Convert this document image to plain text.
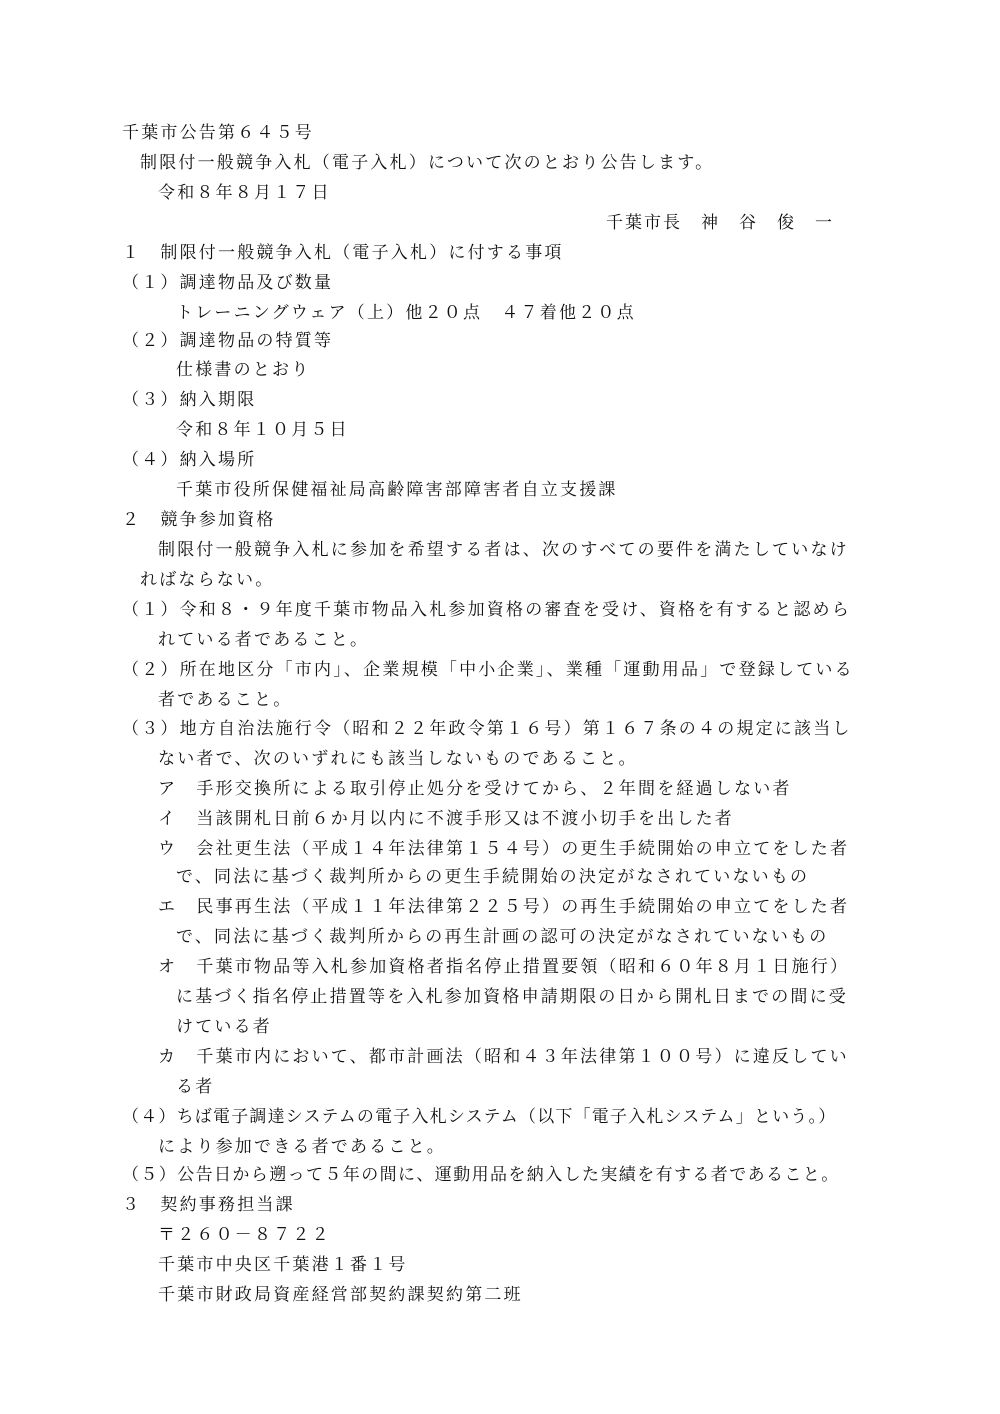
千葉市公告第６４５号
制限付一般競争入札（電子入札）について次のとおり公告します。
令和８年８月１７日
千葉市長　神　谷　俊　一
１　制限付一般競争入札（電子入札）に付する事項
（１）調達物品及び数量
トレーニングウェア（上）他２０点　４７着他２０点
（２）調達物品の特質等
仕様書のとおり
（３）納入期限
令和８年１０月５日
（４）納入場所
千葉市役所保健福祉局高齢障害部障害者自立支援課
２　競争参加資格
制限付一般競争入札に参加を希望する者は、次のすべての要件を満たしていなけ
ればならない。
（１）令和８・９年度千葉市物品入札参加資格の審査を受け、資格を有すると認めら
れている者であること。
（２）所在地区分「市内」、企業規模「中小企業」、業種「運動用品」で登録している
者であること。
（３）地方自治法施行令（昭和２２年政令第１６号）第１６７条の４の規定に該当し
ない者で、次のいずれにも該当しないものであること。
ア　手形交換所による取引停止処分を受けてから、２年間を経過しない者
イ　当該開札日前６か月以内に不渡手形又は不渡小切手を出した者
ウ　会社更生法（平成１４年法律第１５４号）の更生手続開始の申立てをした者
で、同法に基づく裁判所からの更生手続開始の決定がなされていないもの
エ　民事再生法（平成１１年法律第２２５号）の再生手続開始の申立てをした者
で、同法に基づく裁判所からの再生計画の認可の決定がなされていないもの
オ　千葉市物品等入札参加資格者指名停止措置要領（昭和６０年８月１日施行）
に基づく指名停止措置等を入札参加資格申請期限の日から開札日までの間に受
けている者
カ　千葉市内において、都市計画法（昭和４３年法律第１００号）に違反してい
る者
（４）ちば電子調達システムの電子入札システム（以下「電子入札システム」という。）
により参加できる者であること。
（５）公告日から遡って５年の間に、運動用品を納入した実績を有する者であること。
３　契約事務担当課
〒２６０－８７２２
千葉市中央区千葉港１番１号
千葉市財政局資産経営部契約課契約第二班
